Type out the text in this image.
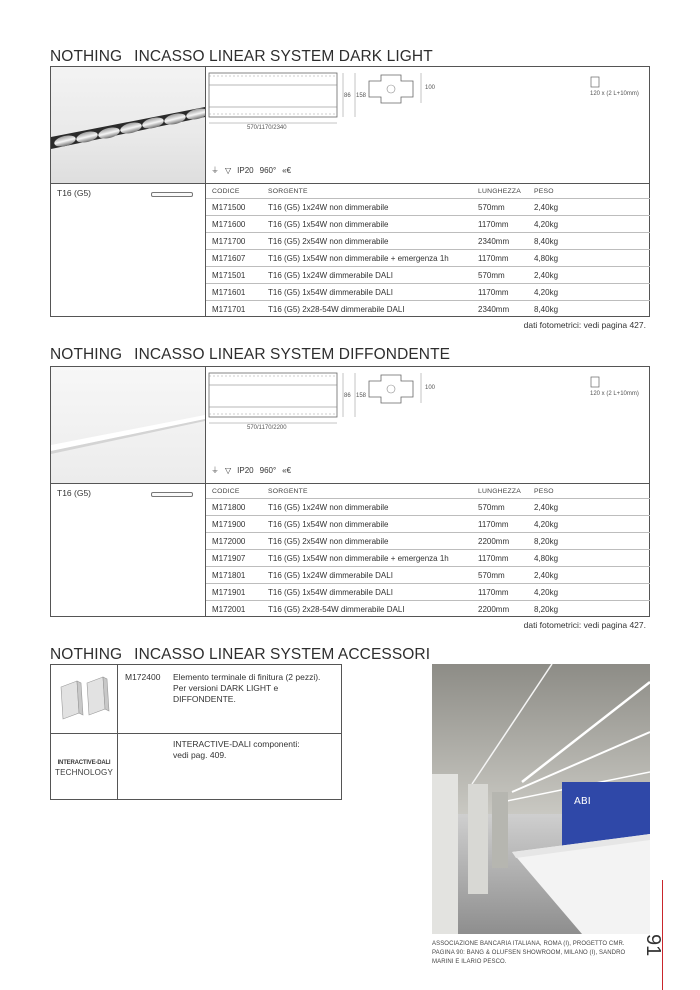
NOTHING INCASSO LINEAR SYSTEM DARK LIGHT
570/1170/2340
86 158
100
120 x (2 L+10mm)
⏚ ▽ IP20 960° «€
T16 (G5)	CODICE	SORGENTE	LUNGHEZZA	PESO
M171500	T16 (G5) 1x24W non dimmerabile	570mm	2,40kg
M171600	T16 (G5) 1x54W non dimmerabile	1170mm	4,20kg
M171700	T16 (G5) 2x54W non dimmerabile	2340mm	8,40kg
M171607	T16 (G5) 1x54W non dimmerabile + emergenza 1h	1170mm	4,80kg
M171501	T16 (G5) 1x24W dimmerabile DALI	570mm	2,40kg
M171601	T16 (G5) 1x54W dimmerabile DALI	1170mm	4,20kg
M171701	T16 (G5) 2x28-54W dimmerabile DALI	2340mm	8,40kg
dati fotometrici: vedi pagina 427.
NOTHING INCASSO LINEAR SYSTEM DIFFONDENTE
570/1170/2200
86 158
100
120 x (2 L+10mm)
⏚ ▽ IP20 960° «€
T16 (G5)	CODICE	SORGENTE	LUNGHEZZA	PESO
M171800	T16 (G5) 1x24W non dimmerabile	570mm	2,40kg
M171900	T16 (G5) 1x54W non dimmerabile	1170mm	4,20kg
M172000	T16 (G5) 2x54W non dimmerabile	2200mm	8,20kg
M171907	T16 (G5) 1x54W non dimmerabile + emergenza 1h	1170mm	4,80kg
M171801	T16 (G5) 1x24W dimmerabile DALI	570mm	2,40kg
M171901	T16 (G5) 1x54W dimmerabile DALI	1170mm	4,20kg
M172001	T16 (G5) 2x28-54W dimmerabile DALI	2200mm	8,20kg
dati fotometrici: vedi pagina 427.
NOTHING INCASSO LINEAR SYSTEM ACCESSORI
M172400 Elemento terminale di finitura (2 pezzi).
Per versioni DARK LIGHT e DIFFONDENTE.
INTERACTIVE-DALI
TECHNOLOGY
INTERACTIVE-DALI componenti:
vedi pag. 409.
ABI
ASSOCIAZIONE BANCARIA ITALIANA, ROMA (I), PROGETTO CMR.
PAGINA 90: BANG & OLUFSEN SHOWROOM, MILANO (I), SANDRO
MARINI E ILARIO PESCO.
91
